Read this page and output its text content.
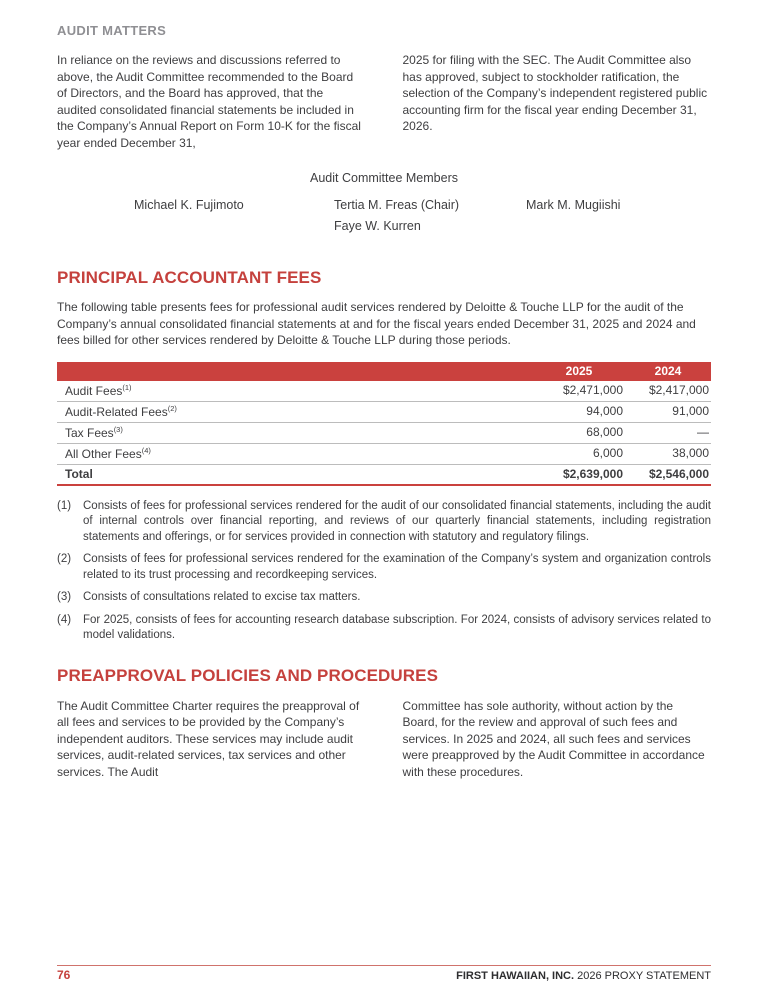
AUDIT MATTERS

In reliance on the reviews and discussions referred to above, the Audit Committee recommended to the Board of Directors, and the Board has approved, that the audited consolidated financial statements be included in the Company’s Annual Report on Form 10-K for the fiscal year ended December 31,

2025 for filing with the SEC. The Audit Committee also has approved, subject to stockholder ratification, the selection of the Company’s independent registered public accounting firm for the fiscal year ending December 31, 2026.

Audit Committee Members
Michael K. Fujimoto	Tertia M. Freas (Chair)
Faye W. Kurren
Mark M. Mugiishi
PRINCIPAL ACCOUNTANT FEES

The following table presents fees for professional audit services rendered by Deloitte & Touche LLP for the audit of the Company’s annual consolidated financial statements at and for the fiscal years ended December 31, 2025 and 2024 and fees billed for other services rendered by Deloitte & Touche LLP during those periods.

	2025	2024
Audit Fees$^{(1)}$	$2,471,000	$2,417,000
Audit-Related Fees$^{(2)}$	94,000	91,000
Tax Fees$^{(3)}$	68,000	—
All Other Fees$^{(4)}$	6,000	38,000
Total	$2,639,000	$2,546,000
(1)	Consists of fees for professional services rendered for the audit of our consolidated financial statements, including the audit of internal controls over financial reporting, and reviews of our quarterly financial statements, including registration statements and offerings, or for services provided in connection with statutory and regulatory filings.
(2)	Consists of fees for professional services rendered for the examination of the Company’s system and organization controls related to its trust processing and recordkeeping services.
(3)	Consists of consultations related to excise tax matters.
(4)	For 2025, consists of fees for accounting research database subscription. For 2024, consists of advisory services related to model validations.
PREAPPROVAL POLICIES AND PROCEDURES

The Audit Committee Charter requires the preapproval of all fees and services to be provided by the Company’s independent auditors. These services may include audit services, audit-related services, tax services and other services. The Audit

Committee has sole authority, without action by the Board, for the review and approval of such fees and services. In 2025 and 2024, all such fees and services were preapproved by the Audit Committee in accordance with these procedures.

76	FIRST HAWAIIAN, INC. 2026 PROXY STATEMENT
